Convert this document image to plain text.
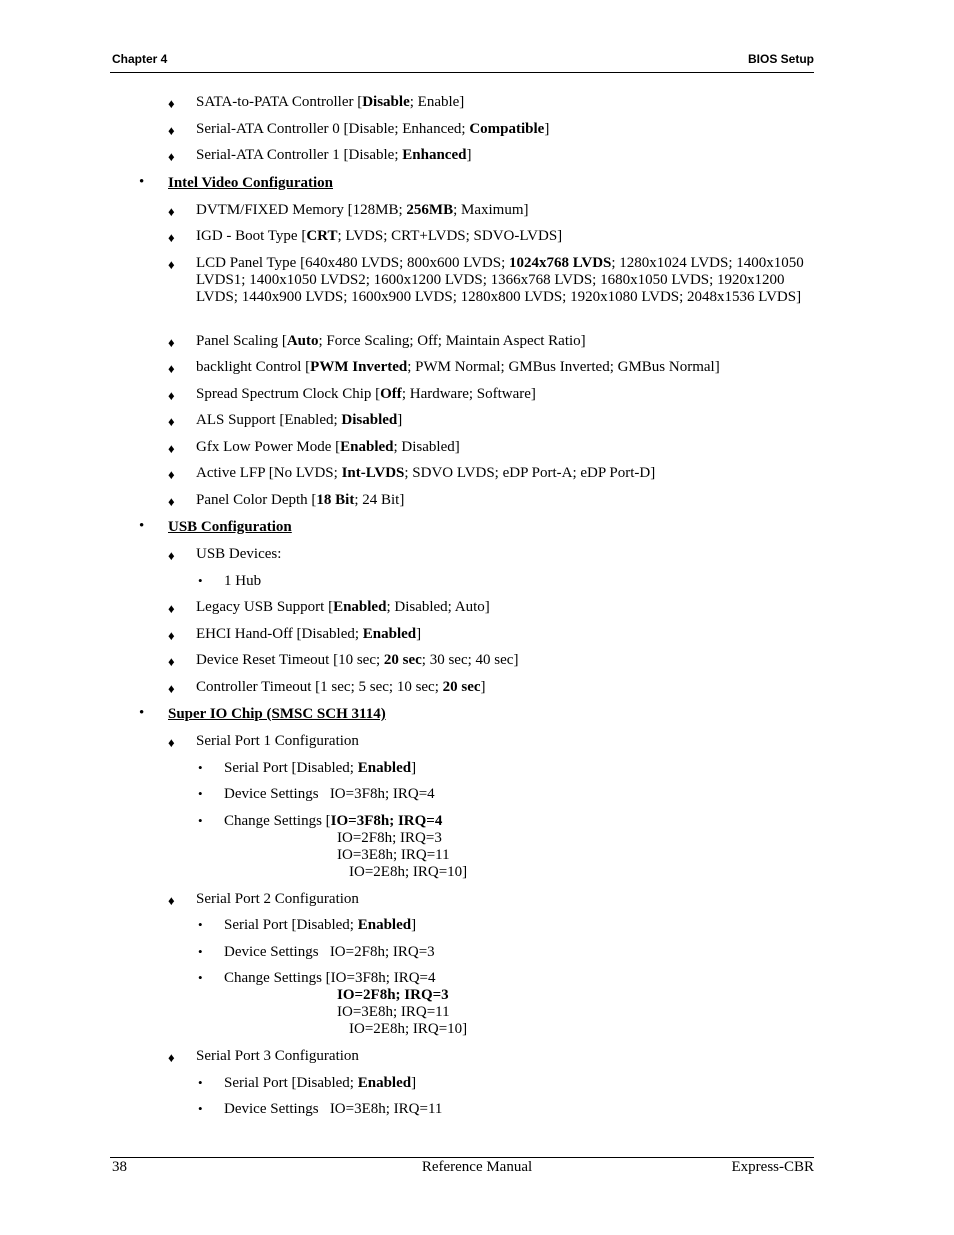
Chapter 4	BIOS Setup
♦ SATA-to-PATA Controller [Disable; Enable]
♦ Serial-ATA Controller 0 [Disable; Enhanced; Compatible]
♦ Serial-ATA Controller 1 [Disable; Enhanced]
• Intel Video Configuration
♦ DVTM/FIXED Memory [128MB; 256MB; Maximum]
♦ IGD - Boot Type [CRT; LVDS; CRT+LVDS; SDVO-LVDS]
♦ LCD Panel Type [640x480 LVDS; 800x600 LVDS; 1024x768 LVDS; 1280x1024 LVDS; 1400x1050 LVDS1; 1400x1050 LVDS2; 1600x1200 LVDS; 1366x768 LVDS; 1680x1050 LVDS; 1920x1200 LVDS; 1440x900 LVDS; 1600x900 LVDS; 1280x800 LVDS; 1920x1080 LVDS; 2048x1536 LVDS]
♦ Panel Scaling [Auto; Force Scaling; Off; Maintain Aspect Ratio]
♦ backlight Control [PWM Inverted; PWM Normal; GMBus Inverted; GMBus Normal]
♦ Spread Spectrum Clock Chip [Off; Hardware; Software]
♦ ALS Support [Enabled; Disabled]
♦ Gfx Low Power Mode [Enabled; Disabled]
♦ Active LFP [No LVDS; Int-LVDS; SDVO LVDS; eDP Port-A; eDP Port-D]
♦ Panel Color Depth [18 Bit; 24 Bit]
• USB Configuration
♦ USB Devices:
• 1 Hub
♦ Legacy USB Support [Enabled; Disabled; Auto]
♦ EHCI Hand-Off [Disabled; Enabled]
♦ Device Reset Timeout [10 sec; 20 sec; 30 sec; 40 sec]
♦ Controller Timeout [1 sec; 5 sec; 10 sec; 20 sec]
• Super IO Chip (SMSC SCH 3114)
♦ Serial Port 1 Configuration
• Serial Port [Disabled; Enabled]
• Device Settings   IO=3F8h; IRQ=4
• Change Settings [IO=3F8h; IRQ=4
IO=2F8h; IRQ=3
IO=3E8h; IRQ=11
IO=2E8h; IRQ=10]
♦ Serial Port 2 Configuration
• Serial Port [Disabled; Enabled]
• Device Settings   IO=2F8h; IRQ=3
• Change Settings [IO=3F8h; IRQ=4
IO=2F8h; IRQ=3
IO=3E8h; IRQ=11
IO=2E8h; IRQ=10]
♦ Serial Port 3 Configuration
• Serial Port [Disabled; Enabled]
• Device Settings   IO=3E8h; IRQ=11
38	Reference Manual	Express-CBR
